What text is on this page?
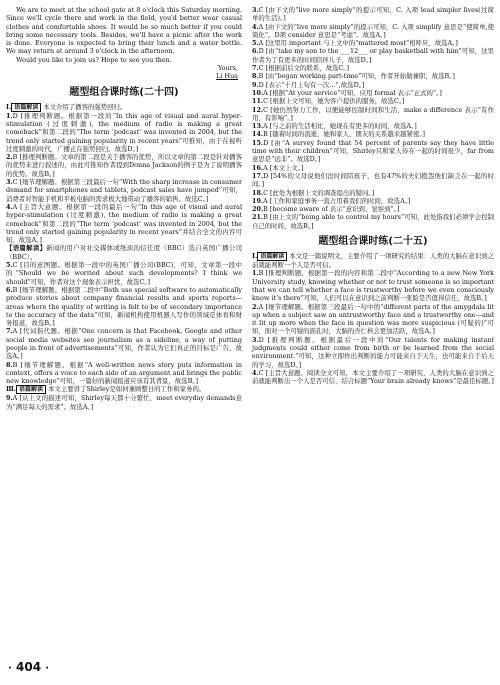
We are to meet at the school gate at 8 o'clock this Saturday morning. Since we'll cycle there and work in the field, you'd better wear casual clothes and comfortable shoes. It would be so much better if you could bring some necessary tools. Besides, we'll have a picnic after the work is done. Everyone is expected to bring their lunch and a water bottle. We may return at around 3 o'clock in the afternoon.

Would you like to join us? Hope to see you then.

Yours,

Li Hua

题型组合课时练(二十四)

Ⅰ. 语篇解读 本文介绍了播客的强势回归。

1.D [推理判断题。根据第一段的“In this age of visual and aural hyper-stimulation (过度刺激), the medium of radio is making a great comeback”和第二段的“The term ‘podcast’ was invented in 2004, but the trend only started gaining popularity in recent years”可推知，由于在视听过度刺激的时代，广播正在强势回归。故选D。]

2.B [推理判断题。文章的第二段是关于播客的优势，所以文章的第二段是针对播客的优势来进行叙述的，由此可推知作者提到Donna Jackson的例子是为了说明播客的优势。故选B。]

3.C [细节理解题。根据第三段最后一句“With the sharp increase in consumer demand for smartphones and tablets, podcast sales have jumped”可知，消费者对智能手机和平板电脑的需求极大地带动了播客的销售。故选C。]

4.A [主旨大意题。根据第一段的最后一句“In this age of visual and aural hyper-stimulation (过度刺激), the medium of radio is making a great comeback”和第二段的“The term ‘podcast’ was invented in 2004, but the trend only started gaining popularity in recent years”并结合全文的内容可知。故选A。]

【语篇解读】新闻的用户对社交媒体或纸质的信任度（BBC）选自英国广播公司（BBC）。

5.C [目的意图题。根据第一段中的英国广播公司(BBC)，可知，文章第一段中的“Should we be worried about such developments? I think we should”可知，作者对这个现象表示担忧，故选C。]

6.B [细节理解题。根据第二段中“Both use special software to automatically produce stories about company financial results and sports reports—areas where the quality of writing is felt to be of secondary importance to the accuracy of the data”可知，新闻机构使用机器人写作的领域是体育和财务报道，故选B。]

7.A [代词指代题。根据“One concern is that Facebook, Google and other social media websites see journalism as a sideline, a way of putting people in front of advertisements”可知，作者认为它们真正的目标是广告，故选A。]

8.B [细节理解题。根据“A well-written news story puts information in context, offers a voice to each side of an argument and brings the public new knowledge”可知，一篇好的新闻报道应该有其背景，故选B。]

Ⅲ. 语篇解读 本文主要讲了Shirley是如何兼顾整日的工作和家务的。

9.A [从上文的描述可知，Shirley每天都十分繁忙，meet everyday demands意为“满足每天的需求”。故选A。]

3.C [由下文的“live more simply”的提示可知，C. 入项 lead simpler lives(过简单的生活)。]

4.A [由下文的“live more simply”的提示可知，C. 入项 simplify 意思是“使简单,使简化”。D项 consider 意思是“考虑”。故选A。]

5.A [这里用 important 与上文中的“mattered most”相呼应，故选A。]

6.D [由“take my son to the ___12___ or play basketball with him”可知，这里作者为了有更多的时间陪伴儿子，故选D。]

7.C [根据前后文的联系，故选C。]

8.B [由“began working part-time”可知，作者开始做兼职，故选B。]

9.D [表示“十月上旬有一次…”,故选D。]

10.A [根据“At your service”可知，应用 formal 表示“正式的”。]

11.C [根据上文可知，她为客户提供的服务，故选C。]

12.C [她仍然努力工作，以便能够控制时间和生活，make a difference 表示“有作用，有影响”。]

13.A [与之前的生活相比，她现在有更多的时间，故选A。]

14.B [随着时间的流逝，她和家人、朋友的关系越来越紧密。]

15.D [由“A survey found that 54 percent of parents say they have little time with their children”可知，Shirley只和家人待在一起的时间很少，far from意思是“远非”。故选D。]

16.A [本文上文。]

17.D [54%的父母说他们没时间陪孩子，也有47%的夫妇抱怨他们缺乏在一起的时间。]

18.C [此处为根据上文的调查提出的疑问。]

19.A [工作和家庭事务一直占用着我们的时间，故选A。]

20.B [become aware of 表示“意识到，觉察到”。]

21.B [由上文的“being able to control my hours”可知，此处指我们必须学会控制自己的时间，故选B。]

题型组合课时练(二十五)

Ⅰ. 语篇解读 本文是一篇说明文，主要介绍了一项研究的结果：人类的大脑在意识到之前就能判断一个人是否可信。

1.B [推理判断题。根据第一段的内容和第二段中“According to a new New York University study, knowing whether or not to trust someone is so important that we can tell whether a face is trustworthy before we even consciously know it’s there”可知，人们可以在意识到之前判断一张脸是否值得信任，故选B。]

2.A [细节理解题。根据第三段最后一句中的“different parts of the amygdala lit up when a subject saw an untrustworthy face and a trustworthy one—and it lit up more when the face in question was more suspicious (可疑的)”可知，面对一个可疑的面孔时，大脑的杏仁核会更加活跃，故选A。]

3.D [推理判断题。根据最后一段中的“Our talents for making instant judgments could either come from birth or be learned from the social environment.”可知，这种立即作出判断的能力可能来自于天生，也可能来自于后天的学习，故选D。]

4.C [主旨大意题。阅读全文可知，本文主要介绍了一项研究，人类的大脑在意识到之前就能判断出一个人是否可信，结合标题“Your brain already knows”是最佳标题。]

· 404 ·
